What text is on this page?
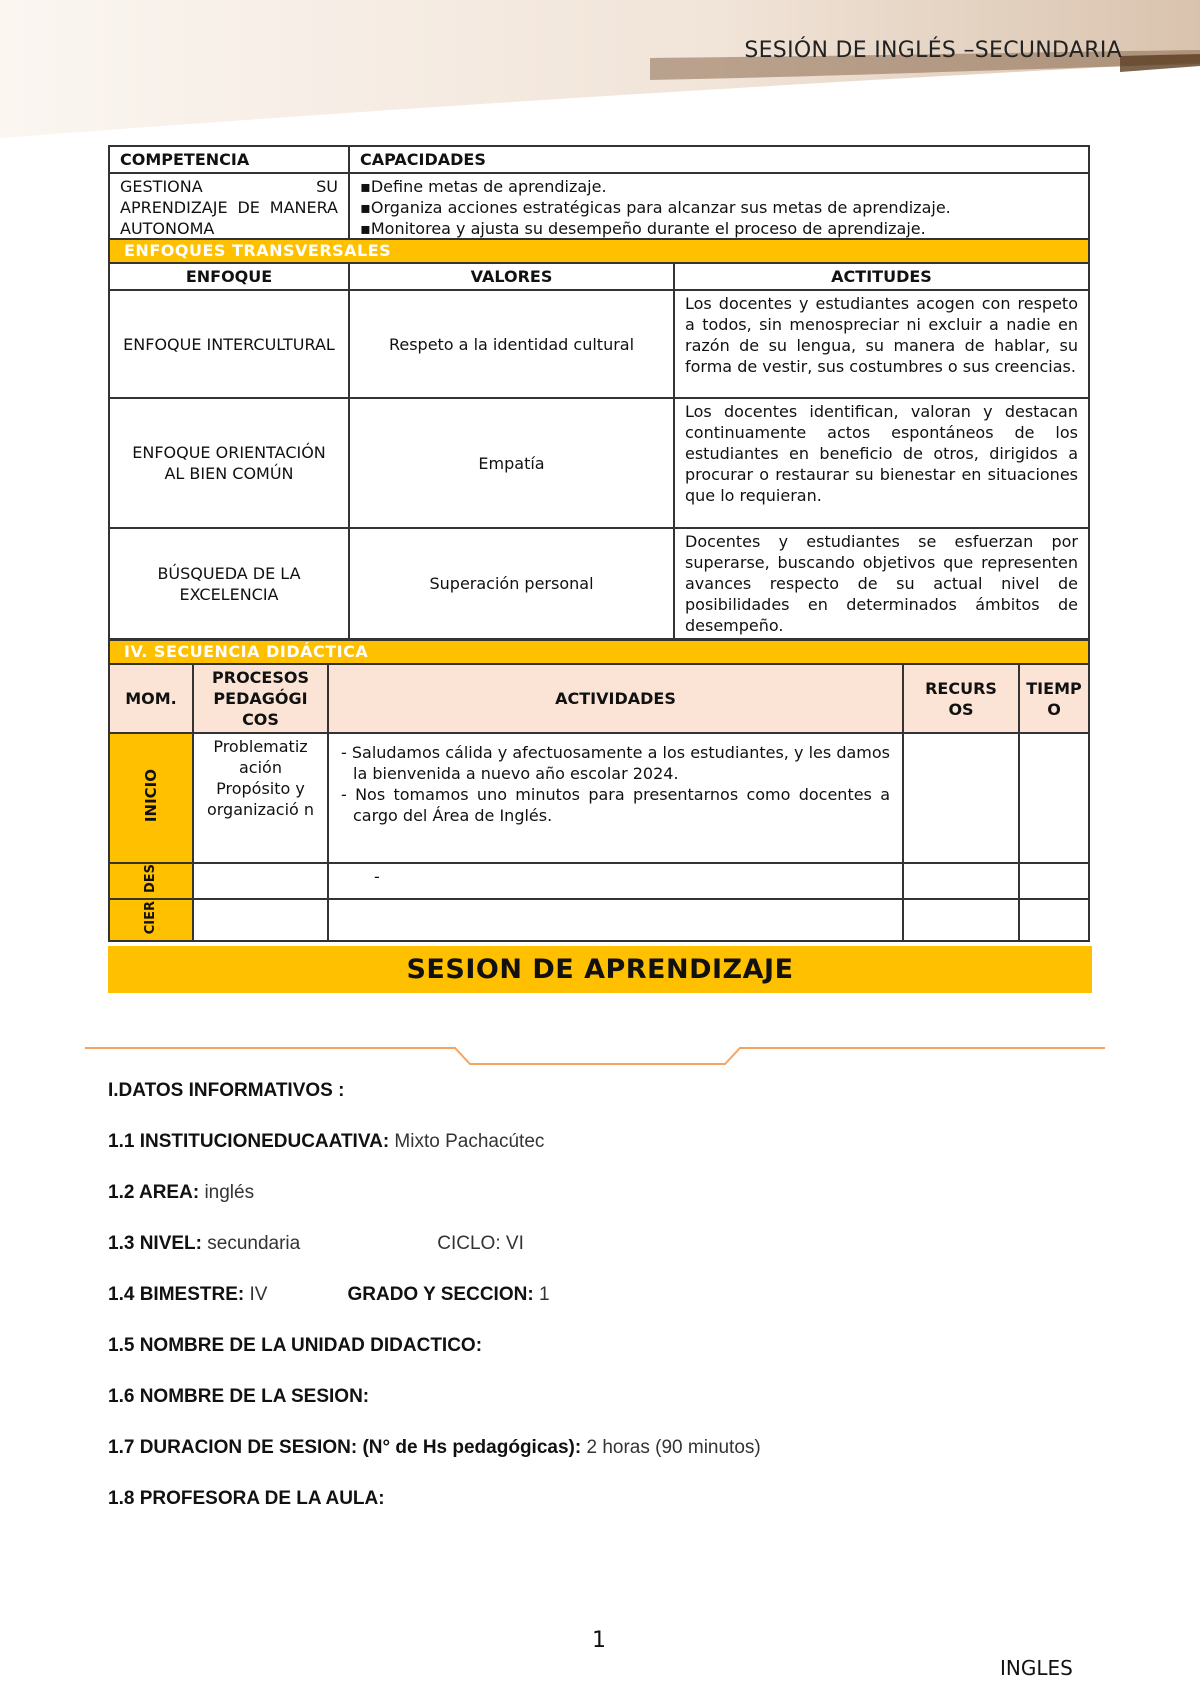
SESIÓN DE INGLÉS –SECUNDARIA
COMPETENCIA	CAPACIDADES
GESTIONA SU APRENDIZAJE DE MANERA AUTONOMA	▪Define metas de aprendizaje.
▪Organiza acciones estratégicas para alcanzar sus metas de aprendizaje.
▪Monitorea y ajusta su desempeño durante el proceso de aprendizaje.
ENFOQUES TRANSVERSALES		
ENFOQUE	VALORES	ACTITUDES
ENFOQUE INTERCULTURAL	Respeto a la identidad cultural	Los docentes y estudiantes acogen con respeto a todos, sin menospreciar ni excluir a nadie en razón de su lengua, su manera de hablar, su forma de vestir, sus costumbres o sus creencias.
ENFOQUE ORIENTACIÓN AL BIEN COMÚN	Empatía	Los docentes identifican, valoran y destacan continuamente actos espontáneos de los estudiantes en beneficio de otros, dirigidos a procurar o restaurar su bienestar en situaciones que lo requieran.
BÚSQUEDA DE LA EXCELENCIA	Superación personal	Docentes y estudiantes se esfuerzan por superarse, buscando objetivos que representen avances respecto de su actual nivel de posibilidades en determinados ámbitos de desempeño.
IV. SECUENCIA DIDÁCTICA				
MOM.	PROCESOS PEDAGÓGI COS	ACTIVIDADES	RECURS OS	TIEMP O
INICIO	Problematiz ación Propósito y organizació n	- Saludamos cálida y afectuosamente a los estudiantes, y les damos la bienvenida a nuevo año escolar 2024.
- Nos tomamos uno minutos para presentarnos como docentes a cargo del Área de Inglés.		

DES		-		
CIER				
SESION DE APRENDIZAJE
I.DATOS INFORMATIVOS :
1.1 INSTITUCIONEDUCAATIVA: Mixto Pachacútec
1.2 AREA: inglés
1.3 NIVEL: secundaria	CICLO: VI
1.4 BIMESTRE: IV	GRADO Y SECCION: 1
1.5 NOMBRE DE LA UNIDAD DIDACTICO:
1.6 NOMBRE DE LA SESION:
1.7 DURACION DE SESION: (N° de Hs pedagógicas): 2 horas (90 minutos)
1.8 PROFESORA DE LA AULA:
1
INGLES
